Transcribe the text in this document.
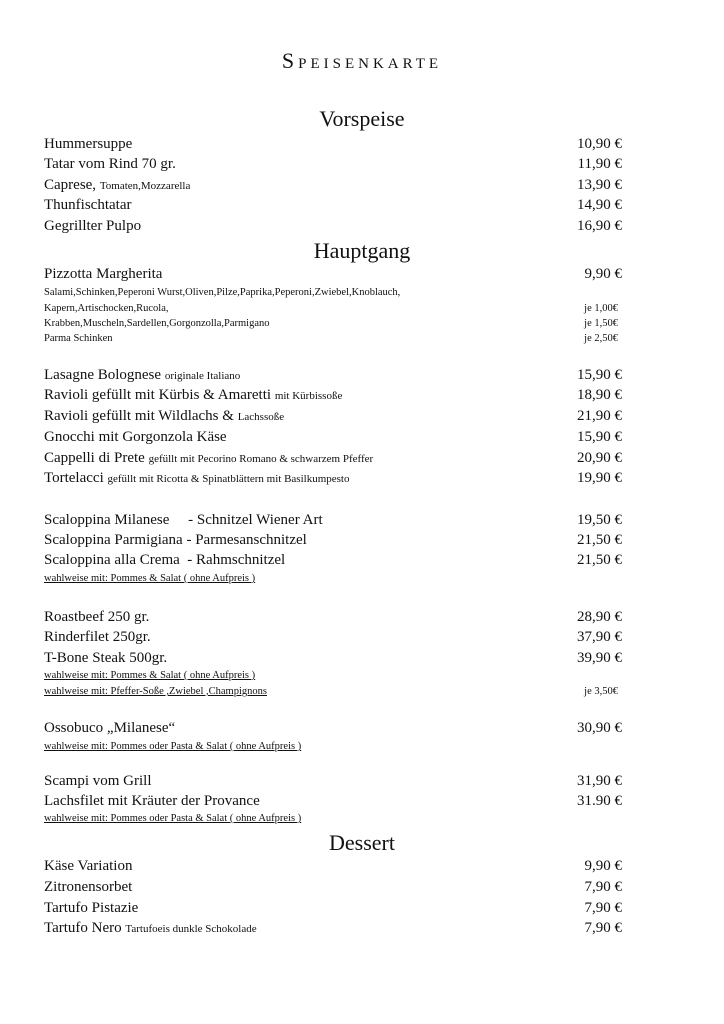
Speisenkarte
Vorspeise
Hummersuppe	10,90 €
Tatar vom Rind 70 gr.	11,90 €
Caprese, Tomaten,Mozzarella	13,90 €
Thunfischtatar	14,90 €
Gegrillter Pulpo	16,90 €
Hauptgang
Pizzotta Margherita	9,90 €
Salami,Schinken,Peperoni Wurst,Oliven,Pilze,Paprika,Peperoni,Zwiebel,Knoblauch,
Kapern,Artischocken,Rucola,	je 1,00€
Krabben,Muscheln,Sardellen,Gorgonzolla,Parmigano	je 1,50€
Parma Schinken	je 2,50€
Lasagne Bolognese originale Italiano	15,90 €
Ravioli gefüllt mit Kürbis & Amaretti mit Kürbissoße	18,90 €
Ravioli gefüllt mit Wildlachs & Lachssoße	21,90 €
Gnocchi mit Gorgonzola Käse	15,90 €
Cappelli di Prete gefüllt mit Pecorino Romano & schwarzem Pfeffer	20,90 €
Tortelacci gefüllt mit Ricotta & Spinatblättern mit Basilkumpesto	19,90 €
Scaloppina Milanese     - Schnitzel Wiener Art	19,50 €
Scaloppina Parmigiana - Parmesanschnitzel	21,50 €
Scaloppina alla Crema  - Rahmschnitzel	21,50 €
wahlweise mit: Pommes & Salat ( ohne Aufpreis )
Roastbeef 250 gr.	28,90 €
Rinderfilet 250gr.	37,90 €
T-Bone Steak 500gr.	39,90 €
wahlweise mit: Pommes & Salat ( ohne Aufpreis )
wahlweise mit: Pfeffer-Soße ,Zwiebel ,Champignons	je 3,50€
Ossobuco „Milanese“	30,90 €
wahlweise mit: Pommes oder Pasta & Salat ( ohne Aufpreis )
Scampi vom Grill	31,90 €
Lachsfilet mit Kräuter der Provance	31.90 €
wahlweise mit: Pommes oder Pasta & Salat ( ohne Aufpreis )
Dessert
Käse Variation	9,90 €
Zitronensorbet	7,90 €
Tartufo Pistazie	7,90 €
Tartufo Nero Tartufoeis dunkle Schokolade	7,90 €
